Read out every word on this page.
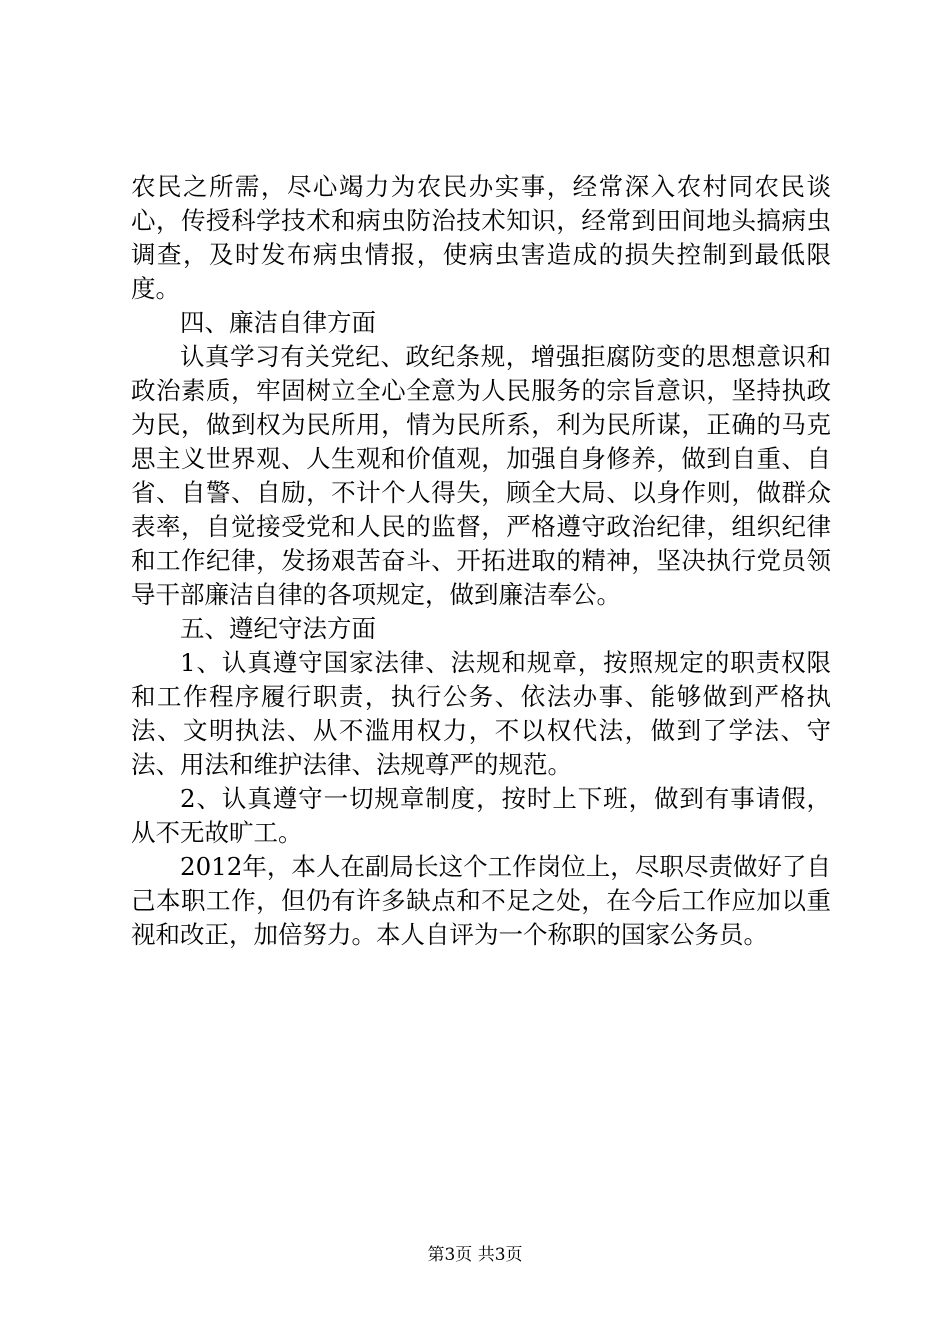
农民之所需，尽心竭力为农民办实事，经常深入农村同农民谈心，传授科学技术和病虫防治技术知识，经常到田间地头搞病虫调查，及时发布病虫情报，使病虫害造成的损失控制到最低限度。

四、廉洁自律方面

认真学习有关党纪、政纪条规，增强拒腐防变的思想意识和政治素质，牢固树立全心全意为人民服务的宗旨意识，坚持执政为民，做到权为民所用，情为民所系，利为民所谋，正确的马克思主义世界观、人生观和价值观，加强自身修养，做到自重、自省、自警、自励，不计个人得失，顾全大局、以身作则，做群众表率，自觉接受党和人民的监督，严格遵守政治纪律，组织纪律和工作纪律，发扬艰苦奋斗、开拓进取的精神，坚决执行党员领导干部廉洁自律的各项规定，做到廉洁奉公。

五、遵纪守法方面

1、认真遵守国家法律、法规和规章，按照规定的职责权限和工作程序履行职责，执行公务、依法办事、能够做到严格执法、文明执法、从不滥用权力，不以权代法，做到了学法、守法、用法和维护法律、法规尊严的规范。

2、认真遵守一切规章制度，按时上下班，做到有事请假，从不无故旷工。

2012年，本人在副局长这个工作岗位上，尽职尽责做好了自己本职工作，但仍有许多缺点和不足之处，在今后工作应加以重视和改正，加倍努力。本人自评为一个称职的国家公务员。

第3页 共3页
